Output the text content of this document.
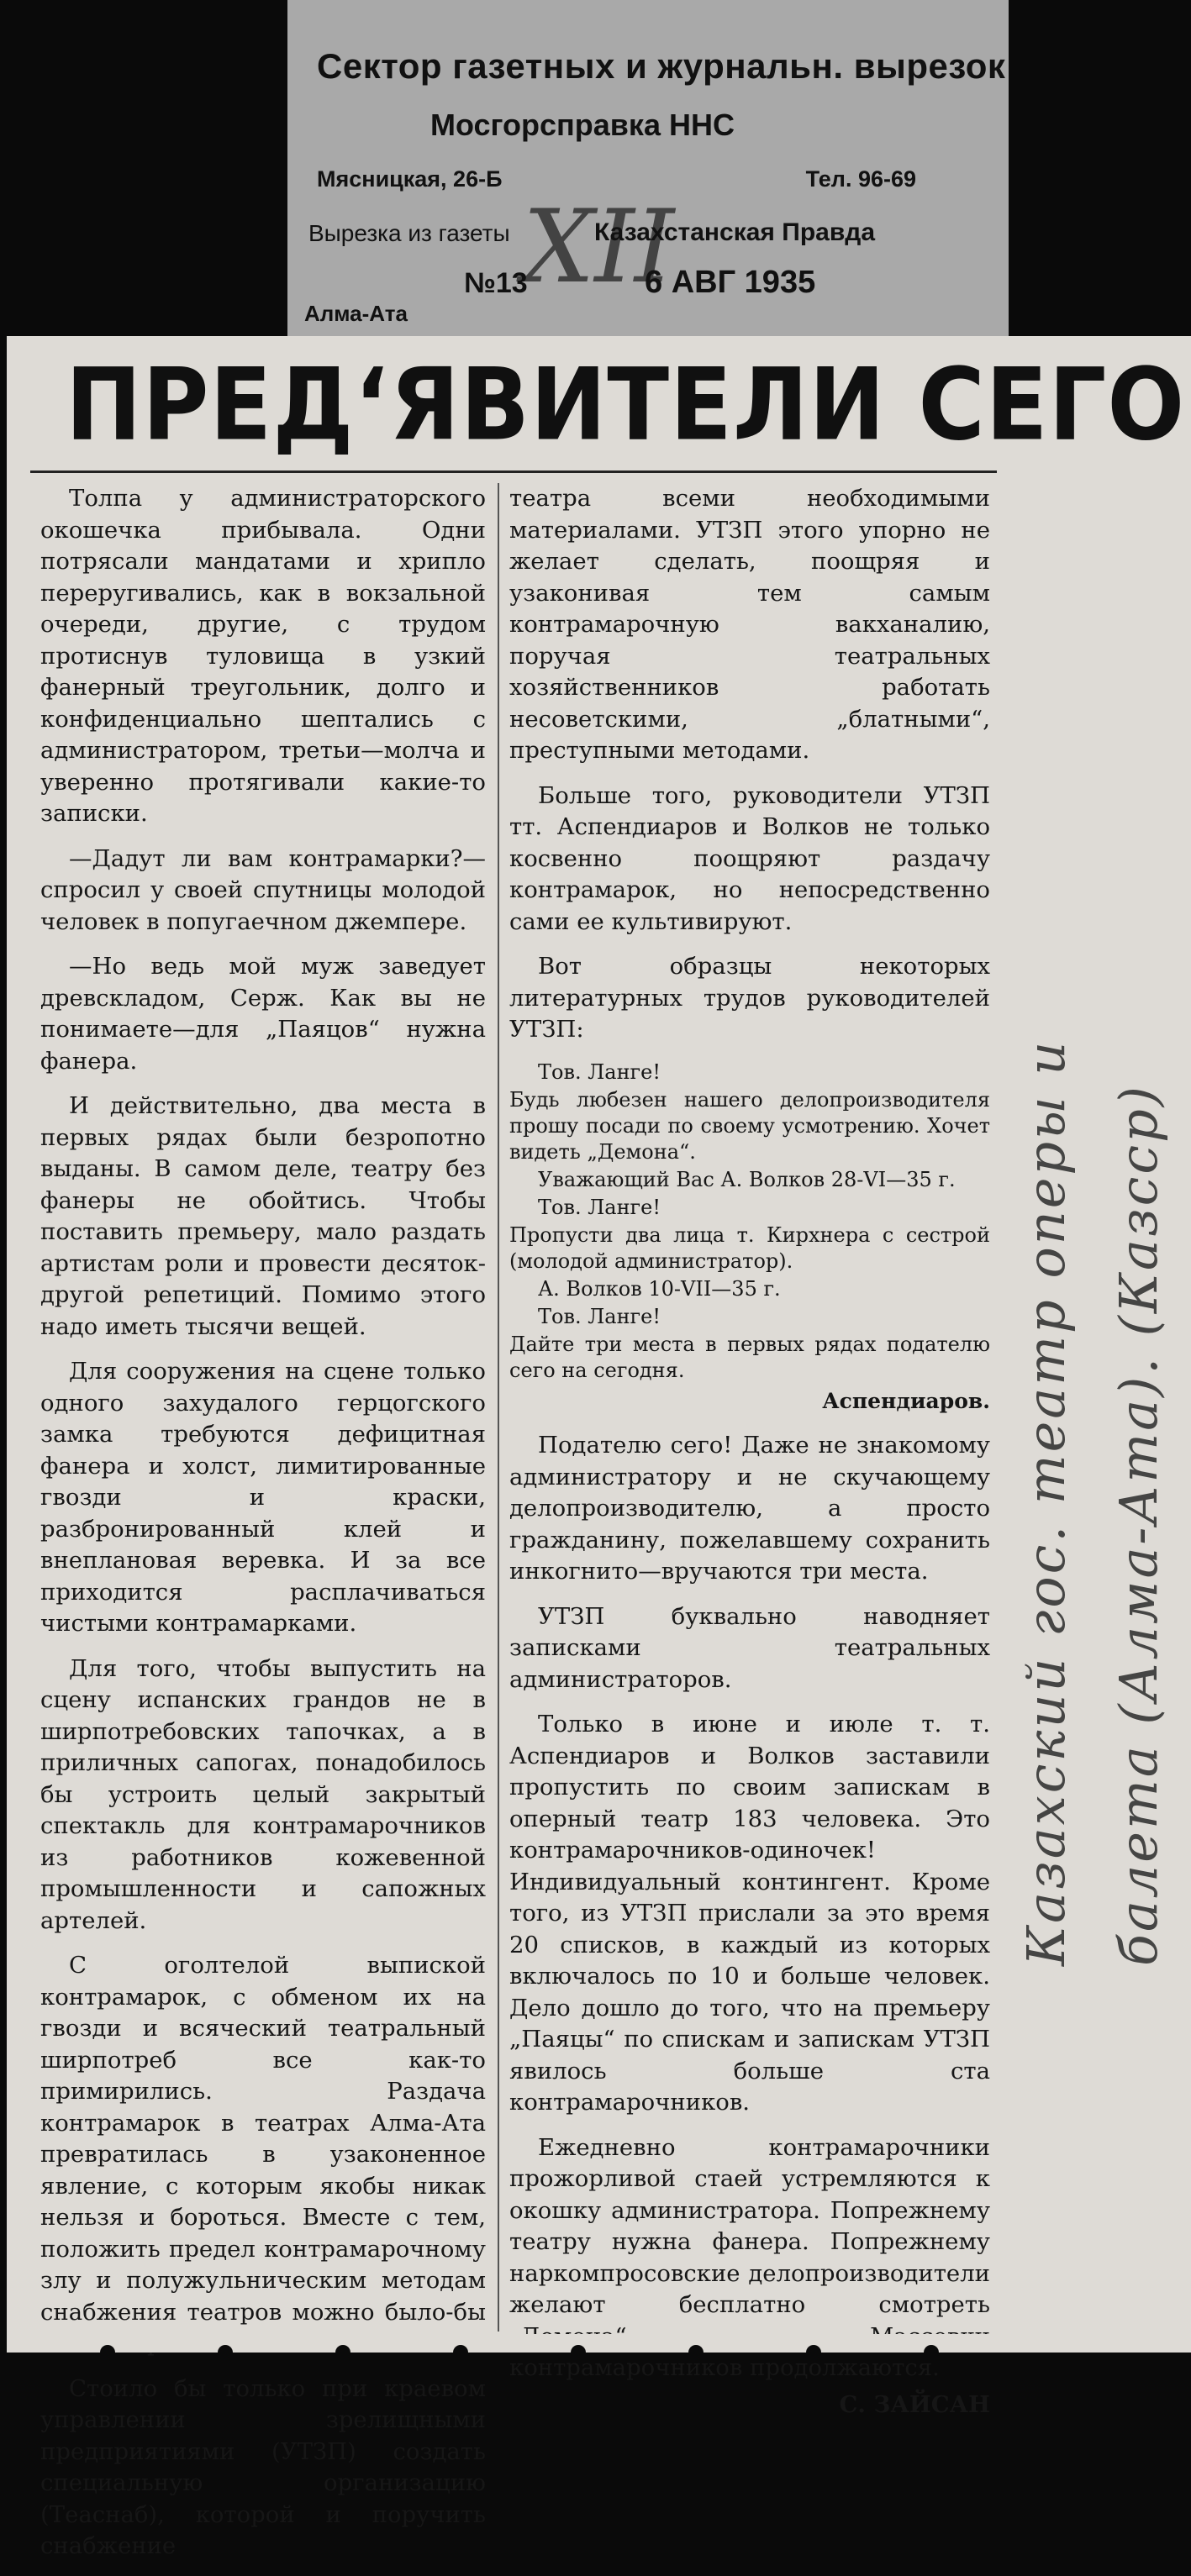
Сектор газетных и журнальн. вырезок
Мосгорсправка ННС
Мясницкая, 26-Б	Тел. 96-69
Вырезка из газеты XII
Казахстанская Правда
№13	6 АВГ 1935
Алма-Ата
ПРЕДʻЯВИТЕЛИ СЕГО

Толпа у администраторского окошечка прибывала. Одни потрясали мандатами и хрипло переругивались, как в вокзальной очереди, другие, с трудом протиснув туловища в узкий фанерный треугольник, долго и конфиденциально шептались с администратором, третьи—молча и уверенно протягивали какие-то записки.

—Дадут ли вам контрамарки?— спросил у своей спутницы молодой человек в попугаечном джемпере.

—Но ведь мой муж заведует древскладом, Серж. Как вы не понимаете—для „Паяцов“ нужна фанера.

И действительно, два места в первых рядах были безропотно выданы. В самом деле, театру без фанеры не обойтись. Чтобы поставить премьеру, мало раздать артистам роли и провести десяток-другой репетиций. Помимо этого надо иметь тысячи вещей.

Для сооружения на сцене только одного захудалого герцогского замка требуются дефицитная фанера и холст, лимитированные гвозди и краски, разбронированный клей и внеплановая веревка. И за все приходится расплачиваться чистыми контрамарками.

Для того, чтобы выпустить на сцену испанских грандов не в ширпотребовских тапочках, а в приличных сапогах, понадобилось бы устроить целый закрытый спектакль для контрамарочников из работников кожевенной промышленности и сапожных артелей.

С оголтелой выпиской контрамарок, с обменом их на гвозди и всяческий театральный ширпотреб все как-то примирились. Раздача контрамарок в театрах Алма-Ата превратилась в узаконенное явление, с которым якобы никак нельзя и бороться. Вместе с тем, положить предел контрамарочному злу и полужульническим методам снабжения театров можно было-бы

Стоило бы только при краевом управлении зрелищными предприятиями (УТЗП) создать специальную организацию (Теаснаб), которой и поручить снабжение

театра всеми необходимыми материалами. УТЗП этого упорно не желает сделать, поощряя и узаконивая тем самым контрамарочную вакханалию, поручая театральных хозяйственников работать несоветскими, „блатными“, преступными методами.

Больше того, руководители УТЗП тт. Аспендиаров и Волков не только косвенно поощряют раздачу контрамарок, но непосредственно сами ее культивируют.

Вот образцы некоторых литературных трудов руководителей УТЗП:

Тов. Ланге!

Будь любезен нашего делопроизводителя прошу посади по своему усмотрению. Хочет видеть „Демона“.

Уважающий Вас А. Волков 28-VI—35 г.

Тов. Ланге!

Пропусти два лица т. Кирхнера с сестрой (молодой администратор).

А. Волков 10-VII—35 г.

Тов. Ланге!

Дайте три места в первых рядах подателю сего на сегодня.

Аспендиаров.

Подателю сего! Даже не знакомому администратору и не скучающему делопроизводителю, а просто гражданину, пожелавшему сохранить инкогнито—вручаются три места.

УТЗП буквально наводняет записками театральных администраторов.

Только в июне и июле т. т. Аспендиаров и Волков заставили пропустить по своим запискам в оперный театр 183 человека. Это контрамарочников-одиночек! Индивидуальный контингент. Кроме того, из УТЗП прислали за это время 20 списков, в каждый из которых включалось по 10 и больше человек. Дело дошло до того, что на премьеру „Паяцы“ по спискам и запискам УТЗП явилось больше ста контрамарочников.

Ежедневно контрамарочники прожорливой стаей устремляются к окошку администратора. Попрежнему театру нужна фанера. Попрежнему наркомпросовские делопроизводители желают бесплатно смотреть контрамарочников продолжаются.

С. ЗАЙСАН

Казахский гос. театр оперы и балета (Алма-Ата). (Казсср)
